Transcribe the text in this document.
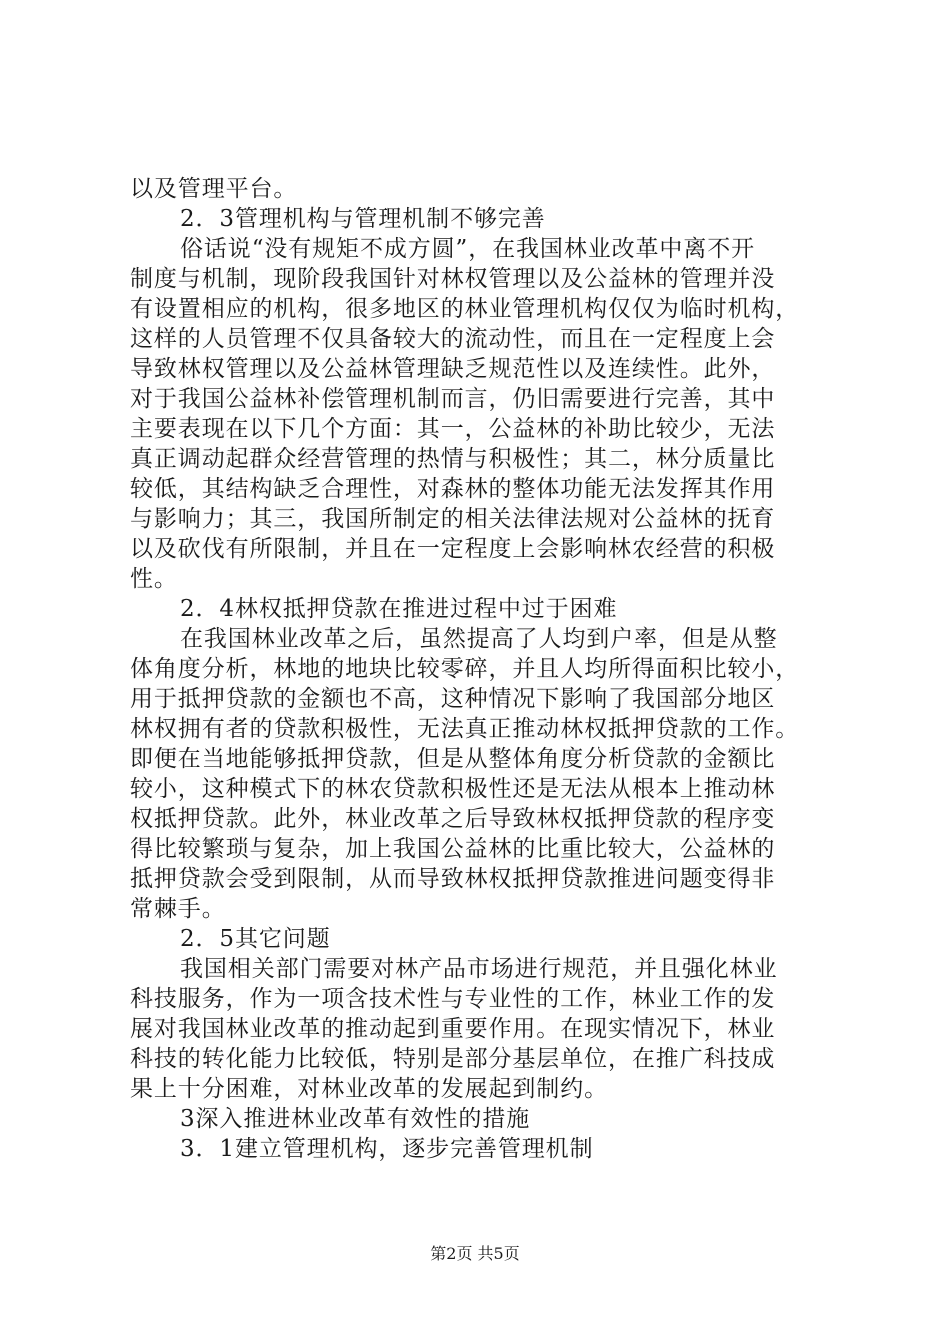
以及管理平台。
2．3管理机构与管理机制不够完善
俗话说“没有规矩不成方圆”，在我国林业改革中离不开
制度与机制，现阶段我国针对林权管理以及公益林的管理并没
有设置相应的机构，很多地区的林业管理机构仅仅为临时机构，
这样的人员管理不仅具备较大的流动性，而且在一定程度上会
导致林权管理以及公益林管理缺乏规范性以及连续性。此外，
对于我国公益林补偿管理机制而言，仍旧需要进行完善，其中
主要表现在以下几个方面：其一，公益林的补助比较少，无法
真正调动起群众经营管理的热情与积极性；其二，林分质量比
较低，其结构缺乏合理性，对森林的整体功能无法发挥其作用
与影响力；其三，我国所制定的相关法律法规对公益林的抚育
以及砍伐有所限制，并且在一定程度上会影响林农经营的积极
性。
2．4林权抵押贷款在推进过程中过于困难
在我国林业改革之后，虽然提高了人均到户率，但是从整
体角度分析，林地的地块比较零碎，并且人均所得面积比较小，
用于抵押贷款的金额也不高，这种情况下影响了我国部分地区
林权拥有者的贷款积极性，无法真正推动林权抵押贷款的工作。
即便在当地能够抵押贷款，但是从整体角度分析贷款的金额比
较小，这种模式下的林农贷款积极性还是无法从根本上推动林
权抵押贷款。此外，林业改革之后导致林权抵押贷款的程序变
得比较繁琐与复杂，加上我国公益林的比重比较大，公益林的
抵押贷款会受到限制，从而导致林权抵押贷款推进问题变得非
常棘手。
2．5其它问题
我国相关部门需要对林产品市场进行规范，并且强化林业
科技服务，作为一项含技术性与专业性的工作，林业工作的发
展对我国林业改革的推动起到重要作用。在现实情况下，林业
科技的转化能力比较低，特别是部分基层单位，在推广科技成
果上十分困难，对林业改革的发展起到制约。
3深入推进林业改革有效性的措施
3．1建立管理机构，逐步完善管理机制
第2页 共5页
